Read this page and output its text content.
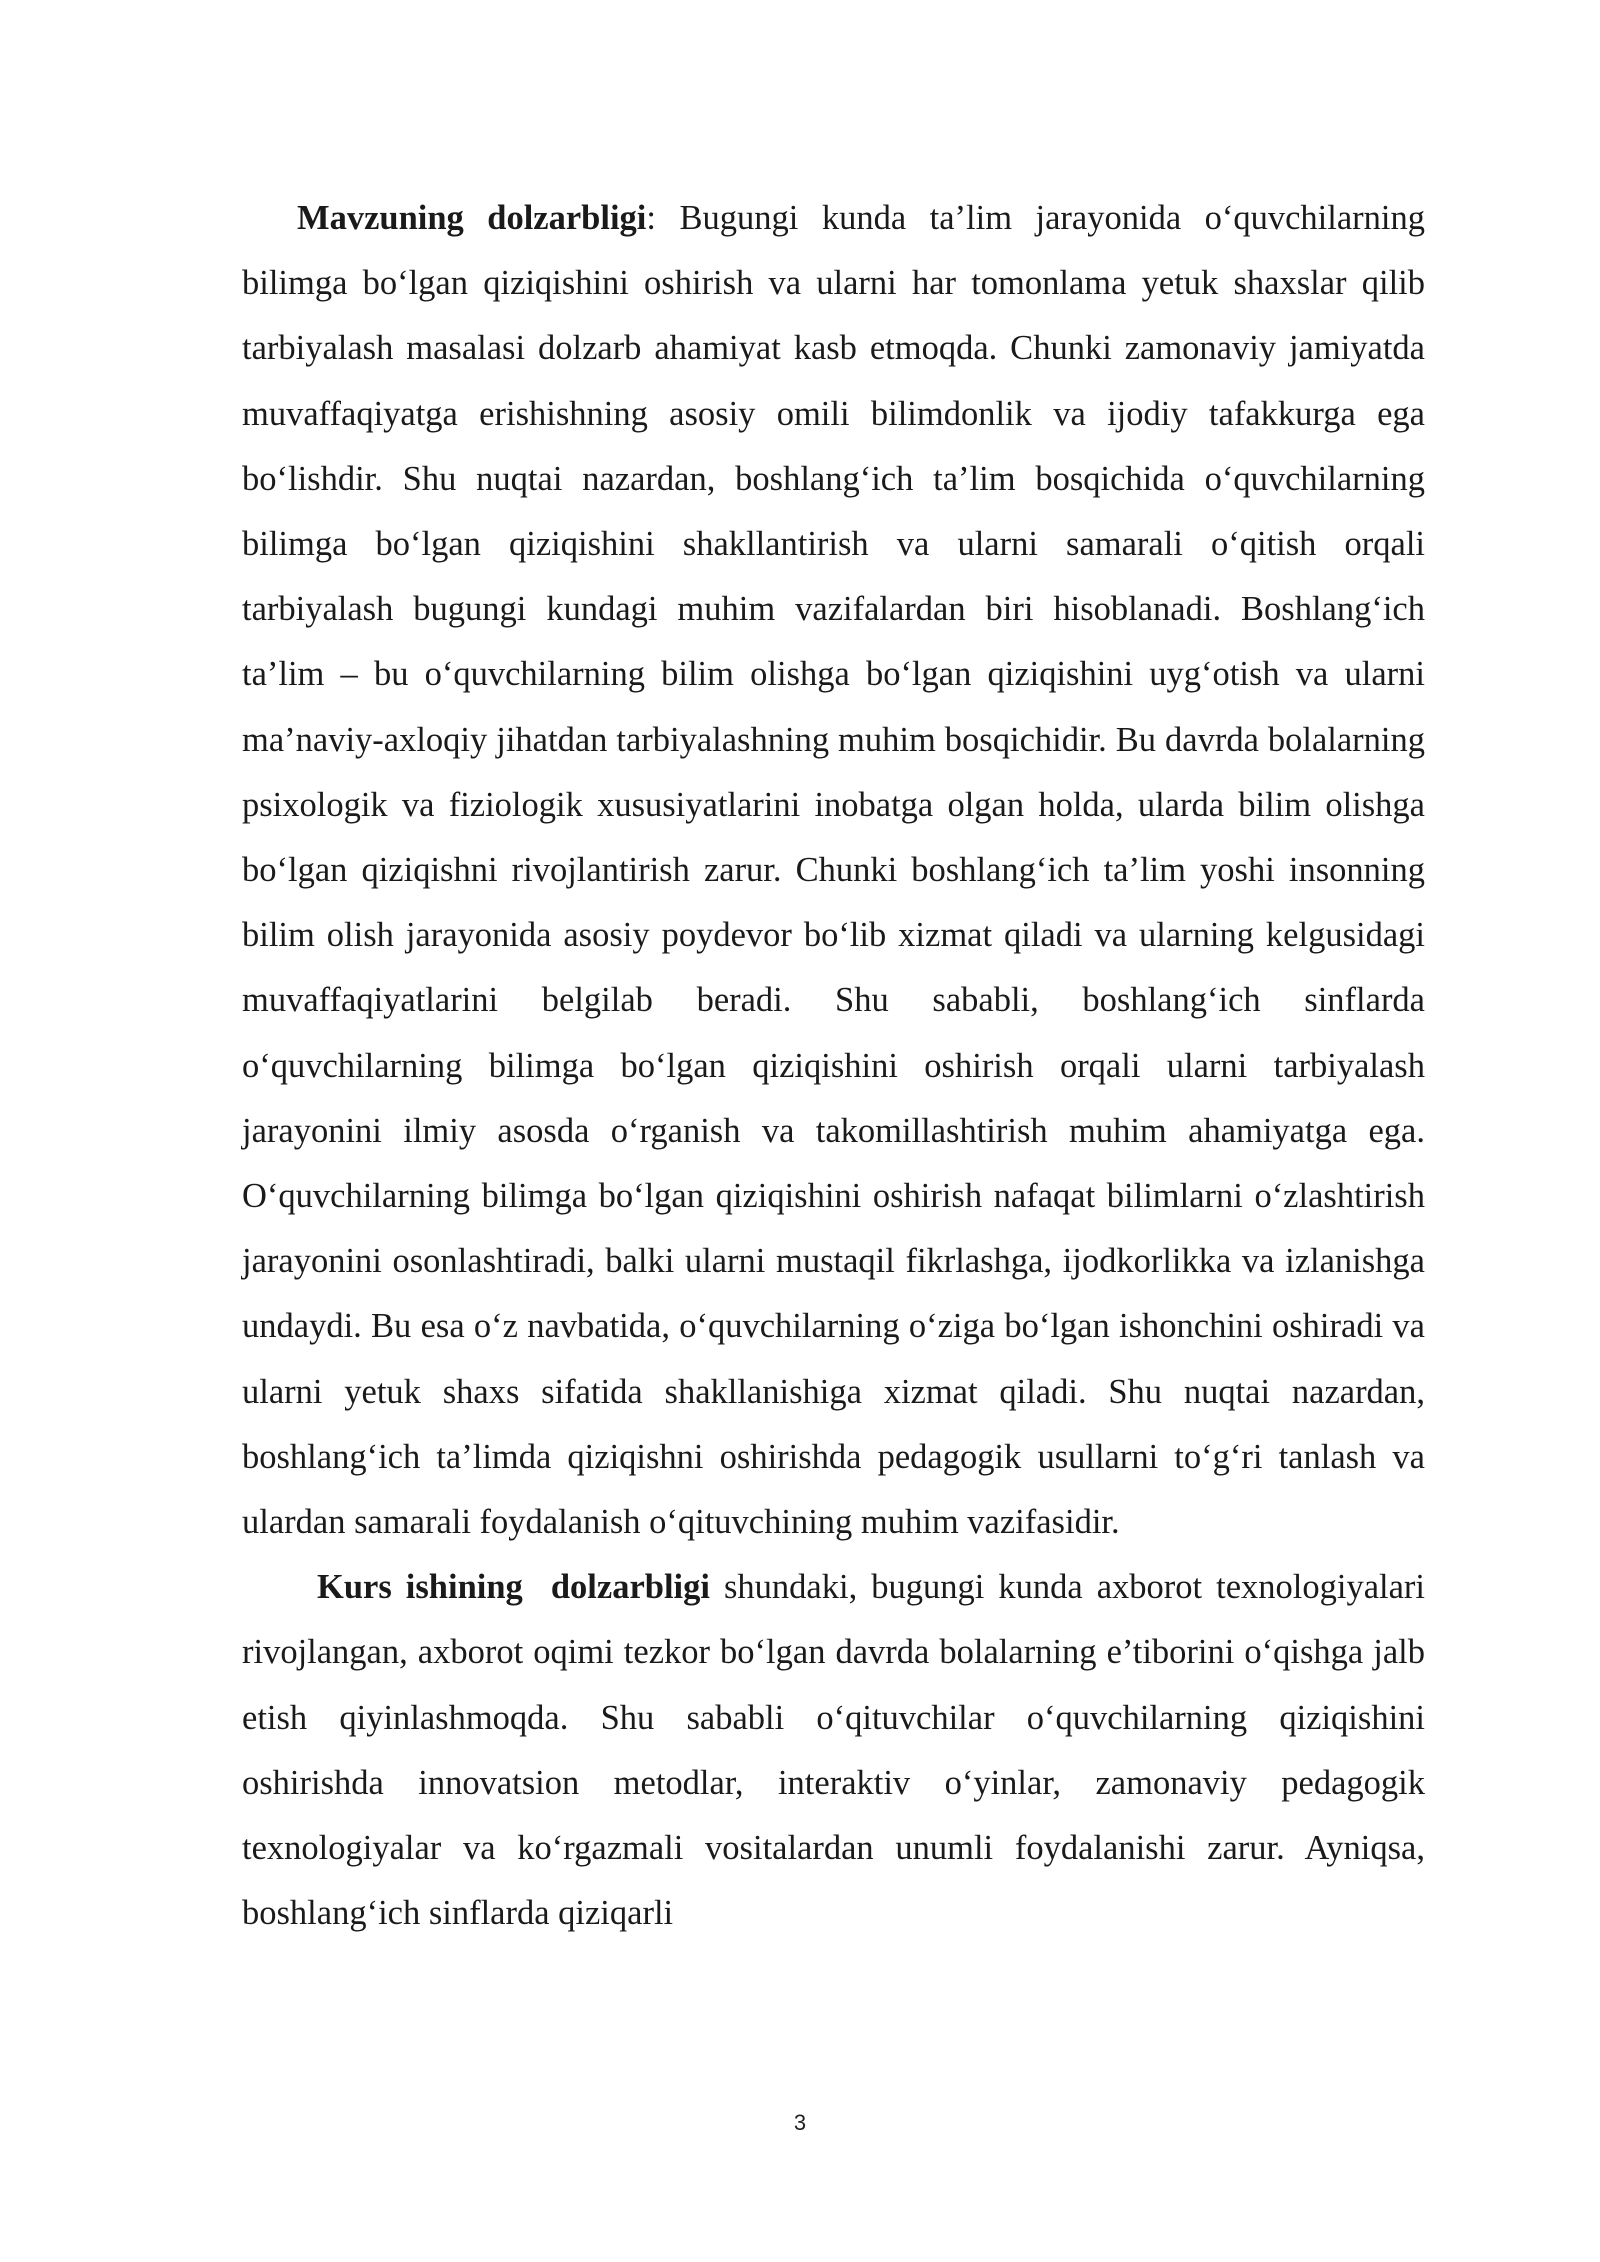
Mavzuning dolzarbligi: Bugungi kunda ta’lim jarayonida o‘quvchilarning bilimga bo‘lgan qiziqishini oshirish va ularni har tomonlama yetuk shaxslar qilib tarbiyalash masalasi dolzarb ahamiyat kasb etmoqda. Chunki zamonaviy jamiyatda muvaffaqiyatga erishishning asosiy omili bilimdonlik va ijodiy tafakkurga ega bo‘lishdir. Shu nuqtai nazardan, boshlang‘ich ta’lim bosqichida o‘quvchilarning bilimga bo‘lgan qiziqishini shakllantirish va ularni samarali o‘qitish orqali tarbiyalash bugungi kundagi muhim vazifalardan biri hisoblanadi. Boshlang‘ich ta’lim – bu o‘quvchilarning bilim olishga bo‘lgan qiziqishini uyg‘otish va ularni ma’naviy-axloqiy jihatdan tarbiyalashning muhim bosqichidir. Bu davrda bolalarning psixologik va fiziologik xususiyatlarini inobatga olgan holda, ularda bilim olishga bo‘lgan qiziqishni rivojlantirish zarur. Chunki boshlang‘ich ta’lim yoshi insonning bilim olish jarayonida asosiy poydevor bo‘lib xizmat qiladi va ularning kelgusidagi muvaffaqiyatlarini belgilab beradi. Shu sababli, boshlang‘ich sinflarda o‘quvchilarning bilimga bo‘lgan qiziqishini oshirish orqali ularni tarbiyalash jarayonini ilmiy asosda o‘rganish va takomillashtirish muhim ahamiyatga ega. O‘quvchilarning bilimga bo‘lgan qiziqishini oshirish nafaqat bilimlarni o‘zlashtirish jarayonini osonlashtiradi, balki ularni mustaqil fikrlashga, ijodkorlikka va izlanishga undaydi. Bu esa o‘z navbatida, o‘quvchilarning o‘ziga bo‘lgan ishonchini oshiradi va ularni yetuk shaxs sifatida shakllanishiga xizmat qiladi. Shu nuqtai nazardan, boshlang‘ich ta’limda qiziqishni oshirishda pedagogik usullarni to‘g‘ri tanlash va ulardan samarali foydalanish o‘qituvchining muhim vazifasidir.

Kurs ishining  dolzarbligi shundaki, bugungi kunda axborot texnologiyalari rivojlangan, axborot oqimi tezkor bo‘lgan davrda bolalarning e’tiborini o‘qishga jalb etish qiyinlashmoqda. Shu sababli o‘qituvchilar o‘quvchilarning qiziqishini oshirishda innovatsion metodlar, interaktiv o‘yinlar, zamonaviy pedagogik texnologiyalar va ko‘rgazmali vositalardan unumli foydalanishi zarur. Ayniqsa, boshlang‘ich sinflarda qiziqarli

3
